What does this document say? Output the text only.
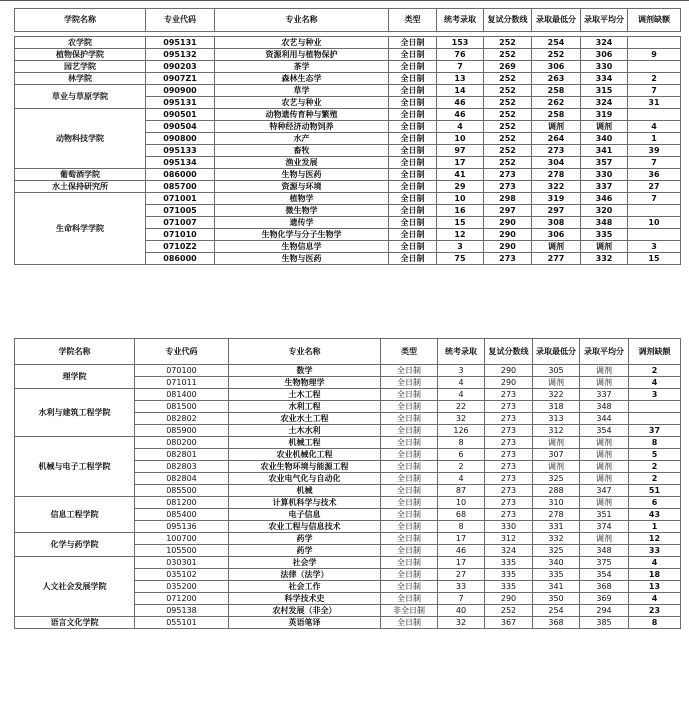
学院名称	专业代码	专业名称	类型	统考录取	复试分数线	录取最低分	录取平均分	调剂缺额

农学院	095131	农艺与种业	全日制	153	252	254	324	
植物保护学院	095132	资源利用与植物保护	全日制	76	252	252	306	9
园艺学院	090203	茶学	全日制	7	269	306	330	
林学院	0907Z1	森林生态学	全日制	13	252	263	334	2
草业与草原学院	090900	草学	全日制	14	252	258	315	7
	095131	农艺与种业	全日制	46	252	262	324	31
动物科技学院	090501	动物遗传育种与繁殖	全日制	46	252	258	319	
	090504	特种经济动物饲养	全日制	4	252	调剂	调剂	4
	090800	水产	全日制	10	252	264	340	1
	095133	畜牧	全日制	97	252	273	341	39
	095134	渔业发展	全日制	17	252	304	357	7
葡萄酒学院	086000	生物与医药	全日制	41	273	278	330	36
水土保持研究所	085700	资源与环境	全日制	29	273	322	337	27
生命科学学院	071001	植物学	全日制	10	298	319	346	7
	071005	微生物学	全日制	16	297	297	320	
	071007	遗传学	全日制	15	290	308	348	10
	071010	生物化学与分子生物学	全日制	12	290	306	335	
	0710Z2	生物信息学	全日制	3	290	调剂	调剂	3
	086000	生物与医药	全日制	75	273	277	332	15
学院名称	专业代码	专业名称	类型	统考录取	复试分数线	录取最低分	录取平均分	调剂缺额
理学院	070100	数学	全日制	3	290	305	调剂	2
	071011	生物物理学	全日制	4	290	调剂	调剂	4
水利与建筑工程学院	081400	土木工程	全日制	4	273	322	337	3
	081500	水利工程	全日制	22	273	318	348	
	082802	农业水土工程	全日制	32	273	313	344	
	085900	土木水利	全日制	126	273	312	354	37
机械与电子工程学院	080200	机械工程	全日制	8	273	调剂	调剂	8
	082801	农业机械化工程	全日制	6	273	307	调剂	5
	082803	农业生物环境与能源工程	全日制	2	273	调剂	调剂	2
	082804	农业电气化与自动化	全日制	4	273	325	调剂	2
	085500	机械	全日制	87	273	288	347	51
信息工程学院	081200	计算机科学与技术	全日制	10	273	310	调剂	6
	085400	电子信息	全日制	68	273	278	351	43
	095136	农业工程与信息技术	全日制	8	330	331	374	1
化学与药学院	100700	药学	全日制	17	312	332	调剂	12
	105500	药学	全日制	46	324	325	348	33
人文社会发展学院	030301	社会学	全日制	17	335	340	375	4
	035102	法律（法学）	全日制	27	335	335	354	18
	035200	社会工作	全日制	33	335	341	368	13
	071200	科学技术史	全日制	7	290	350	369	4
	095138	农村发展（非全）	非全日制	40	252	254	294	23
语言文化学院	055101	英语笔译	全日制	32	367	368	385	8
